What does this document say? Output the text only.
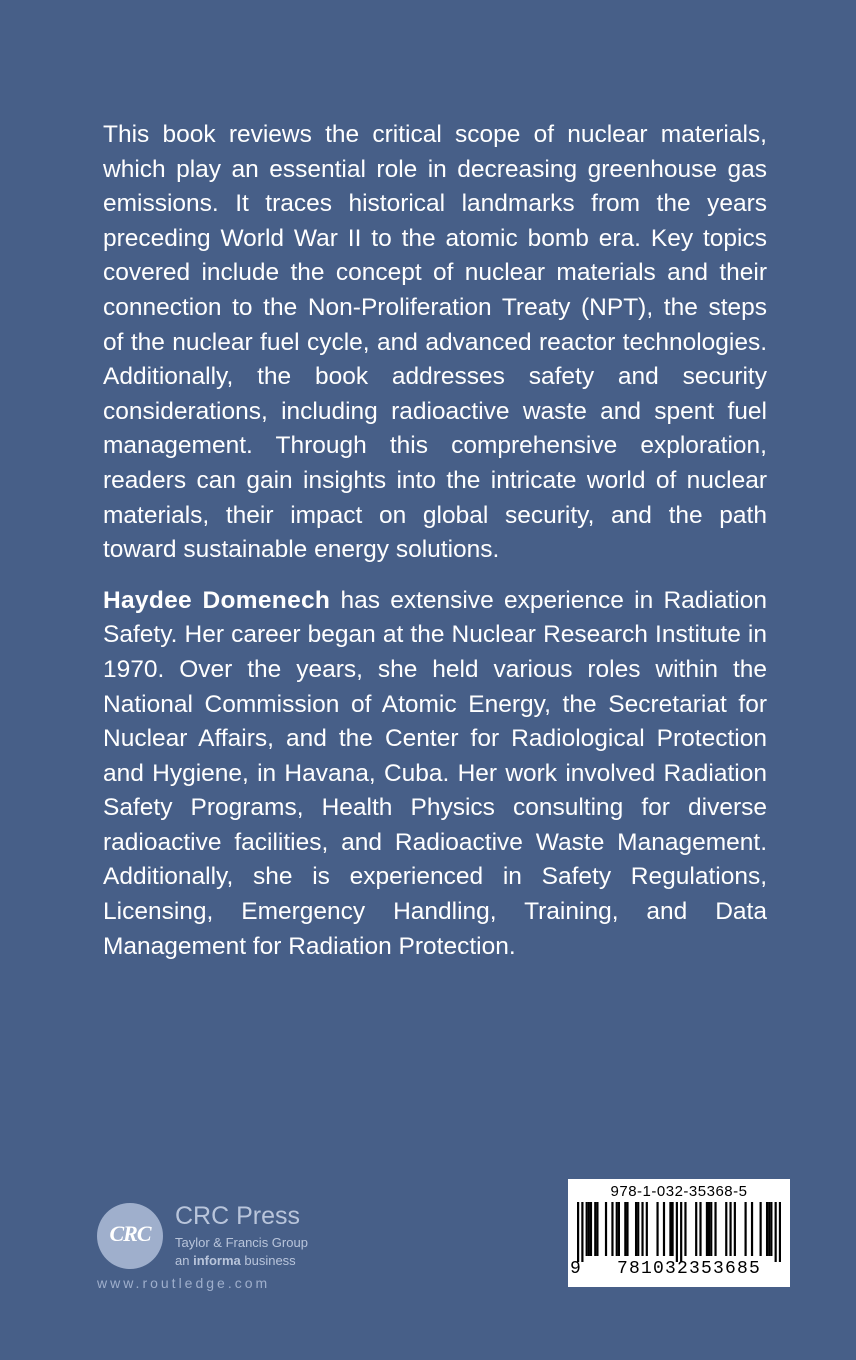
This book reviews the critical scope of nuclear materials, which play an essential role in decreasing greenhouse gas emissions. It traces historical landmarks from the years preceding World War II to the atomic bomb era. Key topics covered include the concept of nuclear materials and their connection to the Non-Proliferation Treaty (NPT), the steps of the nuclear fuel cycle, and advanced reactor technologies. Additionally, the book addresses safety and security considerations, including radioactive waste and spent fuel management. Through this comprehensive exploration, readers can gain insights into the intricate world of nuclear materials, their impact on global security, and the path toward sustainable energy solutions.

Haydee Domenech has extensive experience in Radiation Safety. Her career began at the Nuclear Research Institute in 1970. Over the years, she held various roles within the National Commission of Atomic Energy, the Secretariat for Nuclear Affairs, and the Center for Radiological Protection and Hygiene, in Havana, Cuba. Her work involved Radiation Safety Programs, Health Physics consulting for diverse radioactive facilities, and Radioactive Waste Management. Additionally, she is experienced in Safety Regulations, Licensing, Emergency Handling, Training, and Data Management for Radiation Protection.

CRC
CRC Press
Taylor & Francis Group
an informa business
www.routledge.com
978-1-032-35368-5
9	781032353685
